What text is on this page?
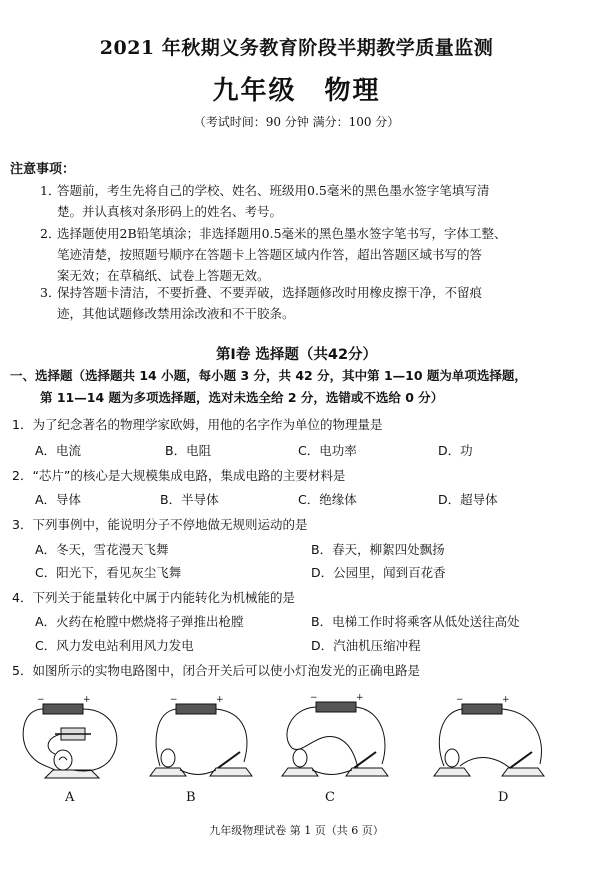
2021 年秋期义务教育阶段半期教学质量监测
九年级 物理
（考试时间：90 分钟 满分：100 分）
注意事项：
1．答题前，考生先将自己的学校、姓名、班级用0.5毫米的黑色墨水签字笔填写清
楚。并认真核对条形码上的姓名、考号。
2．选择题使用2B铅笔填涂；非选择题用0.5毫米的黑色墨水签字笔书写，字体工整、
笔迹清楚，按照题号顺序在答题卡上答题区域内作答，超出答题区域书写的答
案无效；在草稿纸、试卷上答题无效。
3．保持答题卡清洁，不要折叠、不要弄破，选择题修改时用橡皮擦干净，不留痕
迹，其他试题修改禁用涂改液和不干胶条。
第Ⅰ卷 选择题（共42分）
一、选择题（选择题共 14 小题，每小题 3 分，共 42 分，其中第 1—10 题为单项选择题，
第 11—14 题为多项选择题，选对未选全给 2 分，选错或不选给 0 分）
1．为了纪念著名的物理学家欧姆，用他的名字作为单位的物理量是
A．电流	B．电阻	C．电功率	D．功
2．“芯片”的核心是大规模集成电路，集成电路的主要材料是
A．导体	B．半导体	C．绝缘体	D．超导体
3．下列事例中，能说明分子不停地做无规则运动的是
A．冬天，雪花漫天飞舞	B．春天，柳絮四处飘扬
C．阳光下，看见灰尘飞舞	D．公园里，闻到百花香
4．下列关于能量转化中属于内能转化为机械能的是
A．火药在枪膛中燃烧将子弹推出枪膛	B．电梯工作时将乘客从低处送往高处
C．风力发电站利用风力发电	D．汽油机压缩冲程
5．如图所示的实物电路图中，闭合开关后可以使小灯泡发光的正确电路是
−	+	−	+	−	+	−	+
A	B	C	D
九年级物理试卷 第 1 页（共 6 页）
